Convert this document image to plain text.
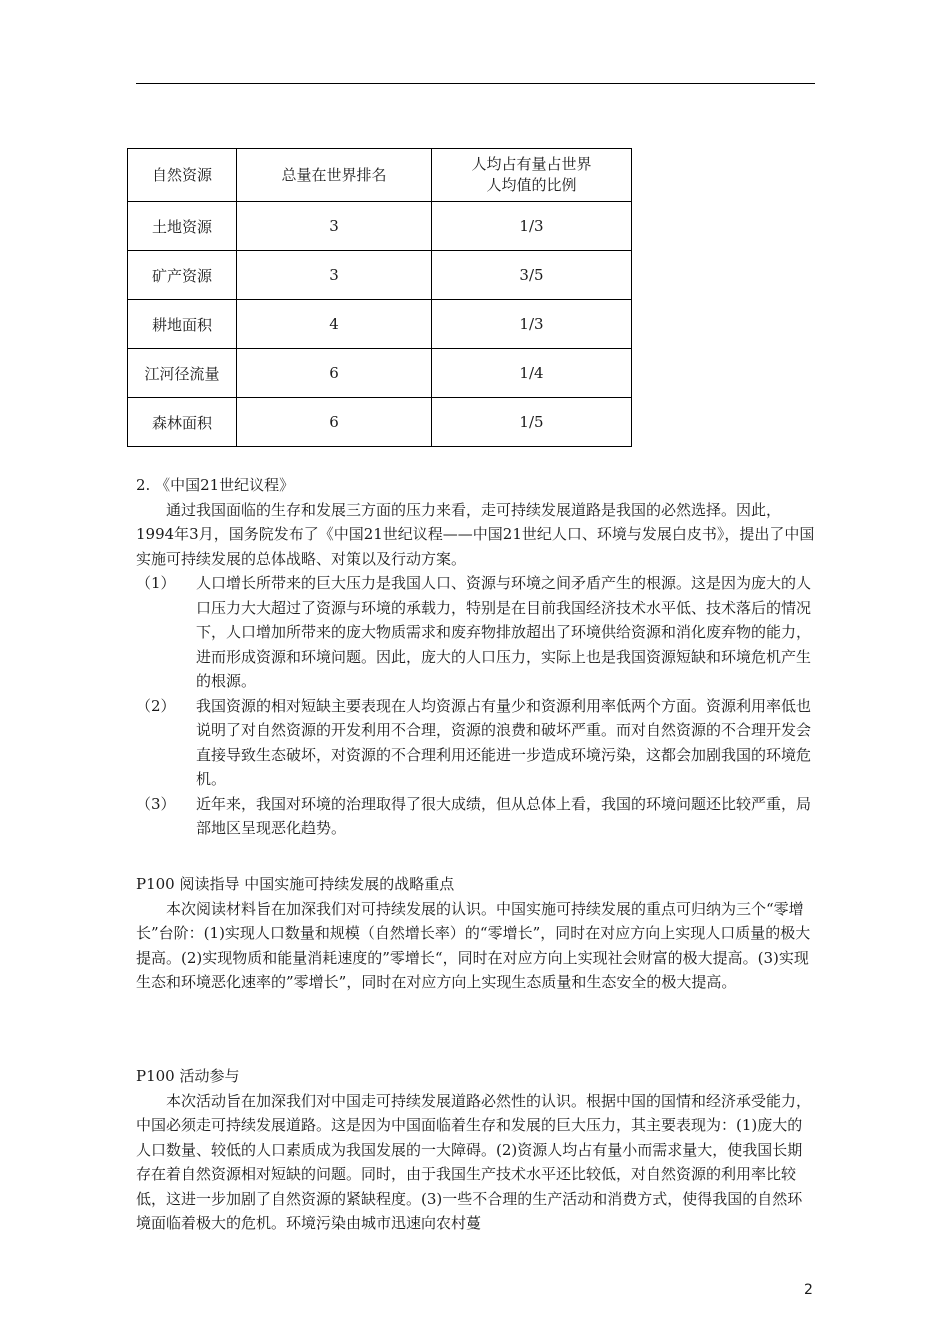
自然资源	总量在世界排名	人均占有量占世界
人均值的比例
土地资源	3	1/3
矿产资源	3	3/5
耕地面积	4	1/3
江河径流量	6	1/4
森林面积	6	1/5

2. 《中国21世纪议程》

通过我国面临的生存和发展三方面的压力来看，走可持续发展道路是我国的必然选择。因此，1994年3月，国务院发布了《中国21世纪议程——中国21世纪人口、环境与发展白皮书》，提出了中国实施可持续发展的总体战略、对策以及行动方案。

（1）	人口增长所带来的巨大压力是我国人口、资源与环境之间矛盾产生的根源。这是因为庞大的人口压力大大超过了资源与环境的承载力，特别是在目前我国经济技术水平低、技术落后的情况下，人口增加所带来的庞大物质需求和废弃物排放超出了环境供给资源和消化废弃物的能力，进而形成资源和环境问题。因此，庞大的人口压力，实际上也是我国资源短缺和环境危机产生的根源。
（2）	我国资源的相对短缺主要表现在人均资源占有量少和资源利用率低两个方面。资源利用率低也说明了对自然资源的开发利用不合理，资源的浪费和破坏严重。而对自然资源的不合理开发会直接导致生态破坏，对资源的不合理利用还能进一步造成环境污染，这都会加剧我国的环境危机。
（3）	近年来，我国对环境的治理取得了很大成绩，但从总体上看，我国的环境问题还比较严重，局部地区呈现恶化趋势。

P100 阅读指导 中国实施可持续发展的战略重点

本次阅读材料旨在加深我们对可持续发展的认识。中国实施可持续发展的重点可归纳为三个“零增长”台阶：(1)实现人口数量和规模（自然增长率）的“零增长”，同时在对应方向上实现人口质量的极大提高。(2)实现物质和能量消耗速度的”零增长“，同时在对应方向上实现社会财富的极大提高。(3)实现生态和环境恶化速率的”零增长”，同时在对应方向上实现生态质量和生态安全的极大提高。

P100 活动参与

本次活动旨在加深我们对中国走可持续发展道路必然性的认识。根据中国的国情和经济承受能力，中国必须走可持续发展道路。这是因为中国面临着生存和发展的巨大压力，其主要表现为：(1)庞大的人口数量、较低的人口素质成为我国发展的一大障碍。(2)资源人均占有量小而需求量大，使我国长期存在着自然资源相对短缺的问题。同时，由于我国生产技术水平还比较低，对自然资源的利用率比较低，这进一步加剧了自然资源的紧缺程度。(3)一些不合理的生产活动和消费方式，使得我国的自然环境面临着极大的危机。环境污染由城市迅速向农村蔓

2
